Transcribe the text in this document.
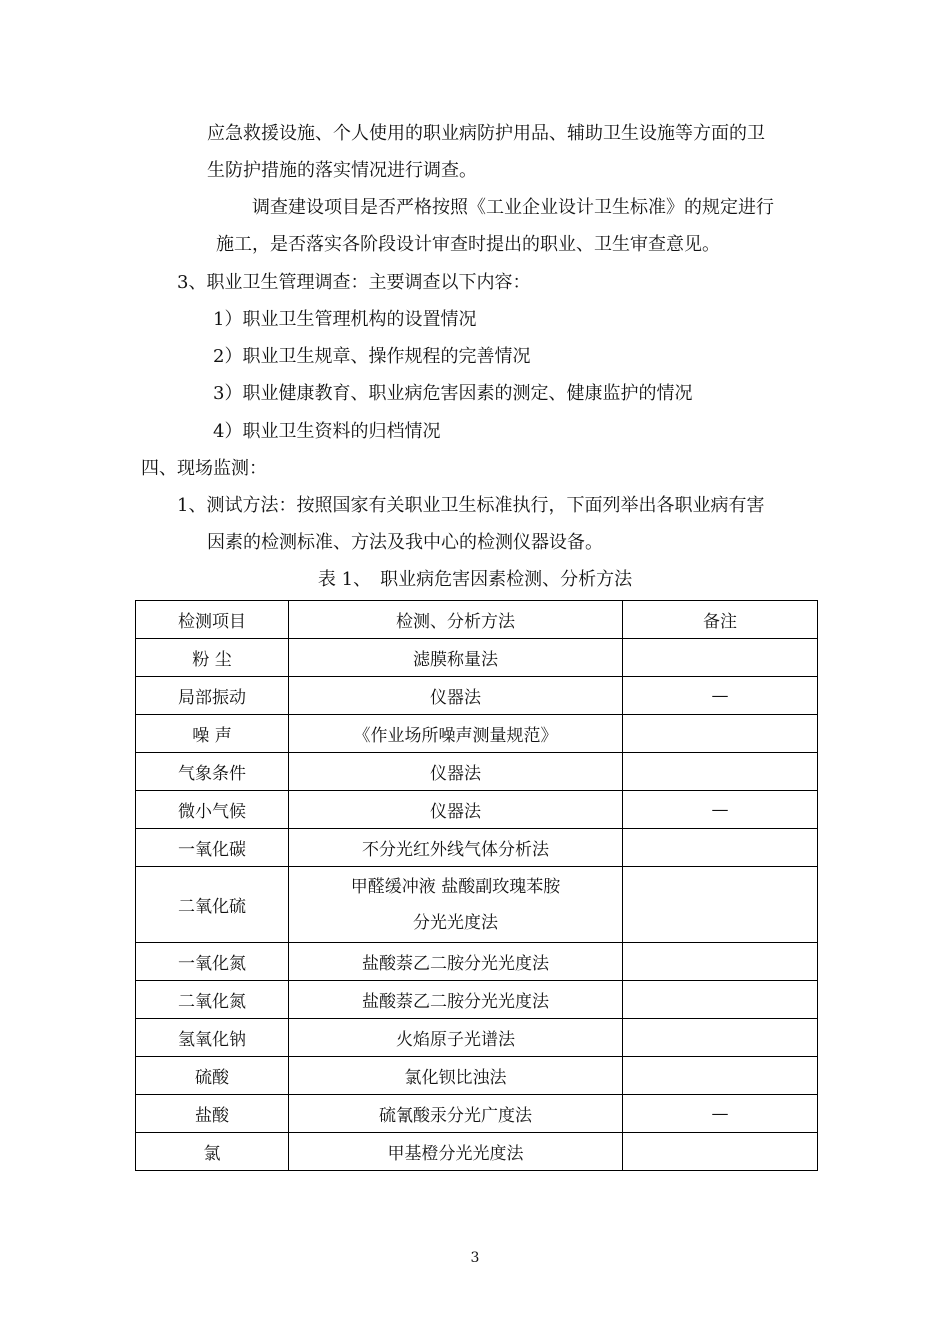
应急救援设施、个人使用的职业病防护用品、辅助卫生设施等方面的卫
生防护措施的落实情况进行调查。
调查建设项目是否严格按照《工业企业设计卫生标准》的规定进行
施工，是否落实各阶段设计审查时提出的职业、卫生审查意见。
3、职业卫生管理调查：主要调查以下内容：
1）职业卫生管理机构的设置情况
2）职业卫生规章、操作规程的完善情况
3）职业健康教育、职业病危害因素的测定、健康监护的情况
4）职业卫生资料的归档情况
四、现场监测：
1、测试方法：按照国家有关职业卫生标准执行，下面列举出各职业病有害
因素的检测标准、方法及我中心的检测仪器设备。
表 1、　职业病危害因素检测、分析方法
检测项目	检测、分析方法	备注
粉 尘	滤膜称量法	
局部振动	仪器法	—
噪 声	《作业场所噪声测量规范》	
气象条件	仪器法	
微小气候	仪器法	—
一氧化碳	不分光红外线气体分析法	
二氧化硫	甲醛缓冲液 盐酸副玫瑰苯胺
分光光度法	

一氧化氮	盐酸萘乙二胺分光光度法	
二氧化氮	盐酸萘乙二胺分光光度法	
氢氧化钠	火焰原子光谱法	
硫酸	氯化钡比浊法	
盐酸	硫氰酸汞分光广度法	—
氯	甲基橙分光光度法	
3
